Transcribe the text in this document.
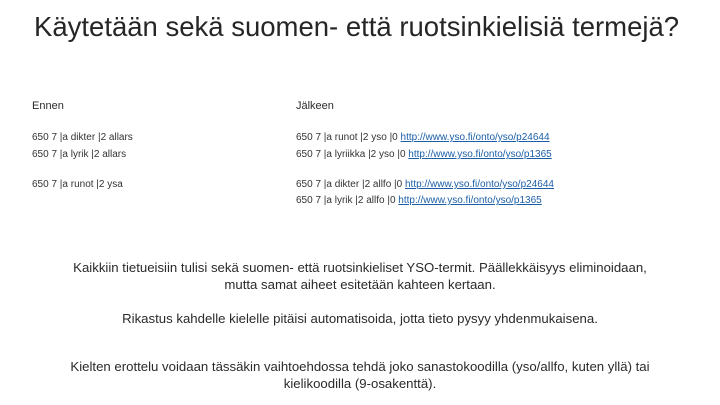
Käytetään sekä suomen- että ruotsinkielisiä termejä?
Ennen	Jälkeen
650 7 |a dikter |2 allars
650 7 |a lyrik |2 allars
650 7 |a runot |2 yso |0 http://www.yso.fi/onto/yso/p24644
650 7 |a lyriikka |2 yso |0 http://www.yso.fi/onto/yso/p1365
650 7 |a runot |2 ysa	650 7 |a dikter |2 allfo |0 http://www.yso.fi/onto/yso/p24644
650 7 |a lyrik |2 allfo |0 http://www.yso.fi/onto/yso/p1365
Kaikkiin tietueisiin tulisi sekä suomen- että ruotsinkieliset YSO-termit. Päällekkäisyys eliminoidaan, mutta samat aiheet esitetään kahteen kertaan.
Rikastus kahdelle kielelle pitäisi automatisoida, jotta tieto pysyy yhdenmukaisena.
Kielten erottelu voidaan tässäkin vaihtoehdossa tehdä joko sanastokoodilla (yso/allfo, kuten yllä) tai kielikoodilla (9-osakenttä).
